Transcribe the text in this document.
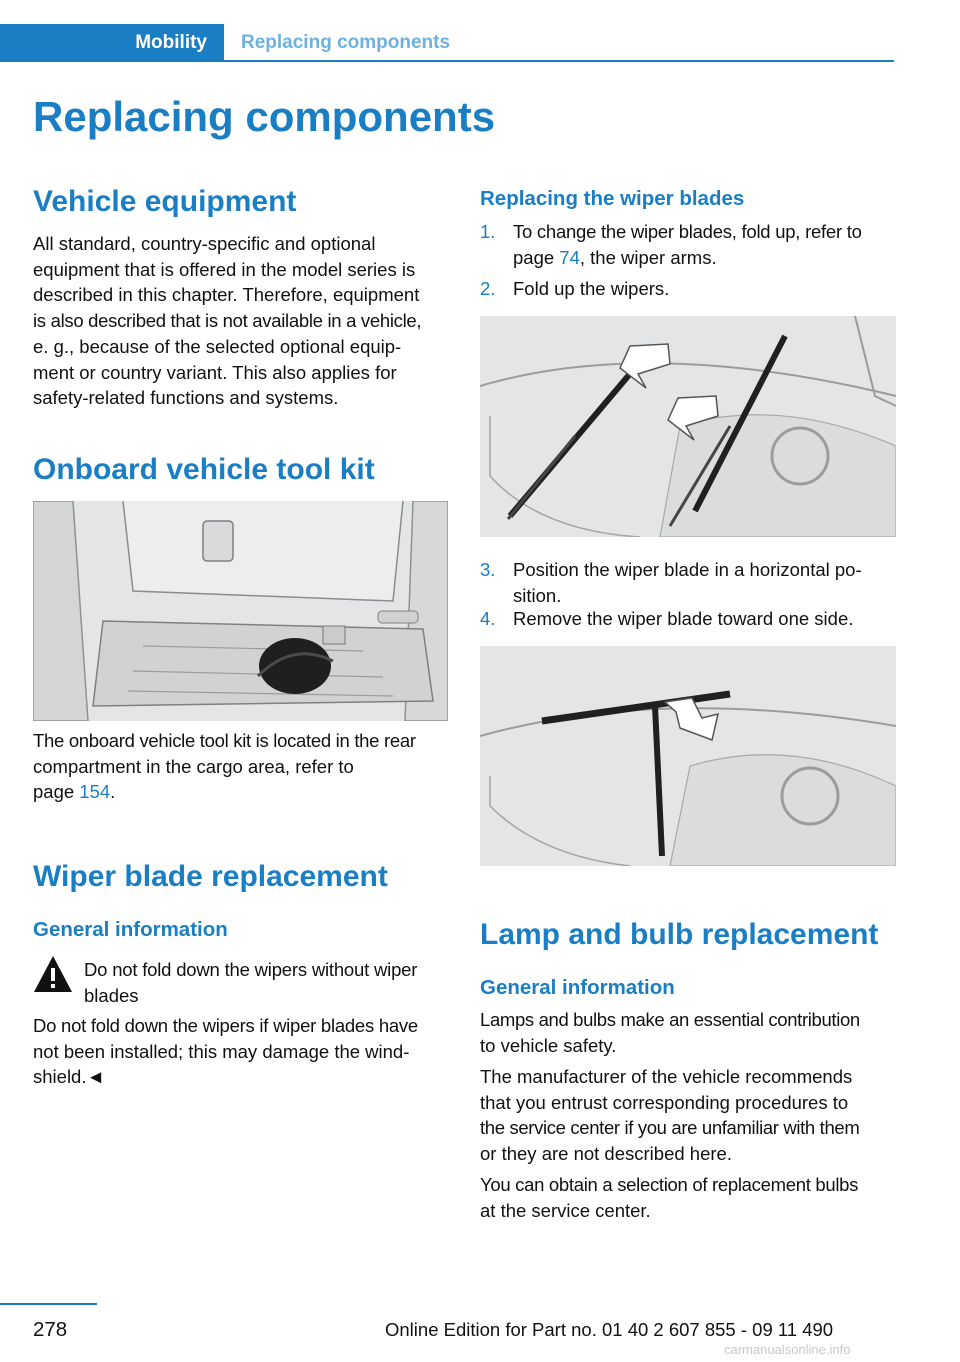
Mobility	Replacing components
Replacing components
Vehicle equipment
All standard, country-specific and optional
equipment that is offered in the model series is
described in this chapter. Therefore, equipment
is also described that is not available in a vehicle,
e. g., because of the selected optional equip‐
ment or country variant. This also applies for
safety-related functions and systems.
Onboard vehicle tool kit
The onboard vehicle tool kit is located in the rear
compartment in the cargo area, refer to
page 154.
Wiper blade replacement
General information
Do not fold down the wipers without wiper
blades
Do not fold down the wipers if wiper blades have
not been installed; this may damage the wind‐
shield.◄
Replacing the wiper blades
1. To change the wiper blades, fold up, refer to
page 74, the wiper arms.
2. Fold up the wipers.
3. Position the wiper blade in a horizontal po‐
sition.
4. Remove the wiper blade toward one side.
Lamp and bulb replacement
General information
Lamps and bulbs make an essential contribution
to vehicle safety.
The manufacturer of the vehicle recommends
that you entrust corresponding procedures to
the service center if you are unfamiliar with them
or they are not described here.
You can obtain a selection of replacement bulbs
at the service center.
278	Online Edition for Part no. 01 40 2 607 855 - 09 11 490
carmanualsonline.info
